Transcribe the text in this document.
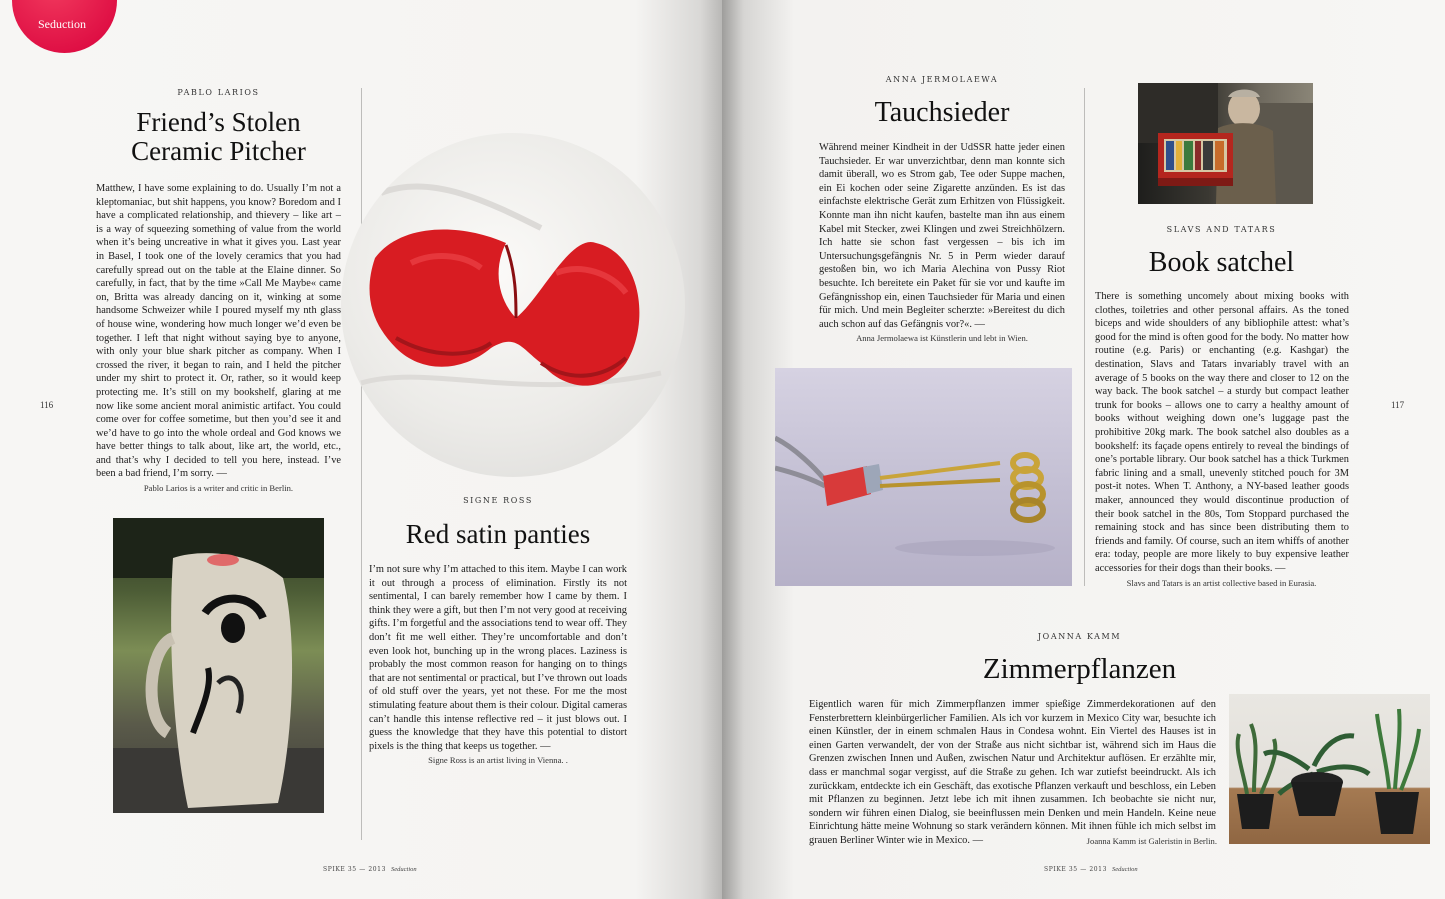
Seduction
PABLO LARIOS
Friend’s Stolen Ceramic Pitcher
Matthew, I have some explaining to do. Usually I’m not a kleptomaniac, but shit happens, you know? Boredom and I have a complicated relationship, and thievery – like art – is a way of squeezing something of value from the world when it’s being uncreative in what it gives you. Last year in Basel, I took one of the lovely ceramics that you had carefully spread out on the table at the Elaine dinner. So carefully, in fact, that by the time »Call Me Maybe« came on, Britta was already dancing on it, winking at some handsome Schweizer while I poured myself my nth glass of house wine, wondering how much longer we’d even be together. I left that night without saying bye to anyone, with only your blue shark pitcher as company. When I crossed the river, it began to rain, and I held the pitcher under my shirt to protect it. Or, rather, so it would keep protecting me. It’s still on my bookshelf, glaring at me now like some ancient moral animistic artifact. You could come over for coffee sometime, but then you’d see it and we’d have to go into the whole ordeal and God knows we have better things to talk about, like art, the world, etc., and that’s why I decided to tell you here, instead. I’ve been a bad friend, I’m sorry. —
Pablo Larios is a writer and critic in Berlin.
116
SIGNE ROSS
Red satin panties
I’m not sure why I’m attached to this item. Maybe I can work it out through a process of elimination. Firstly its not sentimental, I can barely remember how I came by them. I think they were a gift, but then I’m not very good at receiving gifts. I’m forgetful and the associations tend to wear off. They don’t fit me well either. They’re uncomfortable and don’t even look hot, bunching up in the wrong places. Laziness is probably the most common reason for hanging on to things that are not sentimental or practical, but I’ve thrown out loads of old stuff over the years, yet not these. For me the most stimulating feature about them is their colour. Digital cameras can’t handle this intense reflective red – it just blows out. I guess the knowledge that they have this potential to distort pixels is the thing that keeps us together. —
Signe Ross is an artist living in Vienna. .
SPIKE 35 — 2013 Seduction
ANNA JERMOLAEWA
Tauchsieder
Während meiner Kindheit in der UdSSR hatte jeder einen Tauchsieder. Er war unverzichtbar, denn man konnte sich damit überall, wo es Strom gab, Tee oder Suppe machen, ein Ei kochen oder seine Zigarette anzünden. Es ist das einfachste elektrische Gerät zum Erhitzen von Flüssigkeit. Konnte man ihn nicht kaufen, bastelte man ihn aus einem Kabel mit Stecker, zwei Klingen und zwei Streichhölzern. Ich hatte sie schon fast vergessen – bis ich im Untersuchungsgefängnis Nr. 5 in Perm wieder darauf gestoßen bin, wo ich Maria Alechina von Pussy Riot besuchte. Ich bereitete ein Paket für sie vor und kaufte im Gefängnisshop ein, einen Tauchsieder für Maria und einen für mich. Und mein Begleiter scherzte: »Bereitest du dich auch schon auf das Gefängnis vor?«. —
Anna Jermolaewa ist Künstlerin und lebt in Wien.
SLAVS AND TATARS
Book satchel
There is something uncomely about mixing books with clothes, toiletries and other personal affairs. As the toned biceps and wide shoulders of any bibliophile attest: what’s good for the mind is often good for the body. No matter how routine (e.g. Paris) or enchanting (e.g. Kashgar) the destination, Slavs and Tatars invariably travel with an average of 5 books on the way there and closer to 12 on the way back. The book satchel – a sturdy but compact leather trunk for books – allows one to carry a healthy amount of books without weighing down one’s luggage past the prohibitive 20kg mark. The book satchel also doubles as a bookshelf: its façade opens entirely to reveal the bindings of one’s portable library. Our book satchel has a thick Turkmen fabric lining and a small, unevenly stitched pouch for 3M post-it notes. When T. Anthony, a NY-based leather goods maker, announced they would discontinue production of their book satchel in the 80s, Tom Stoppard purchased the remaining stock and has since been distributing them to friends and family. Of course, such an item whiffs of another era: today, people are more likely to buy expensive leather accessories for their dogs than their books. —
Slavs and Tatars is an artist collective based in Eurasia.
117
JOANNA KAMM
Zimmerpflanzen
Eigentlich waren für mich Zimmerpflanzen immer spießige Zimmerdekorationen auf den Fensterbrettern kleinbürgerlicher Familien. Als ich vor kurzem in Mexico City war, besuchte ich einen Künstler, der in einem schmalen Haus in Condesa wohnt. Ein Viertel des Hauses ist in einen Garten verwandelt, der von der Straße aus nicht sichtbar ist, während sich im Haus die Grenzen zwischen Innen und Außen, zwischen Natur und Architektur auflösen. Er erzählte mir, dass er manchmal sogar vergisst, auf die Straße zu gehen. Ich war zutiefst beeindruckt. Als ich zurückkam, entdeckte ich ein Geschäft, das exotische Pflanzen verkauft und beschloss, ein Leben mit Pflanzen zu beginnen. Jetzt lebe ich mit ihnen zusammen. Ich beobachte sie nicht nur, sondern wir führen einen Dialog, sie beeinflussen mein Denken und mein Handeln. Keine neue Einrichtung hätte meine Wohnung so stark verändern können. Mit ihnen fühle ich mich selbst im grauen Berliner Winter wie in Mexico. —	Joanna Kamm ist Galeristin in Berlin.
SPIKE 35 — 2013 Seduction
